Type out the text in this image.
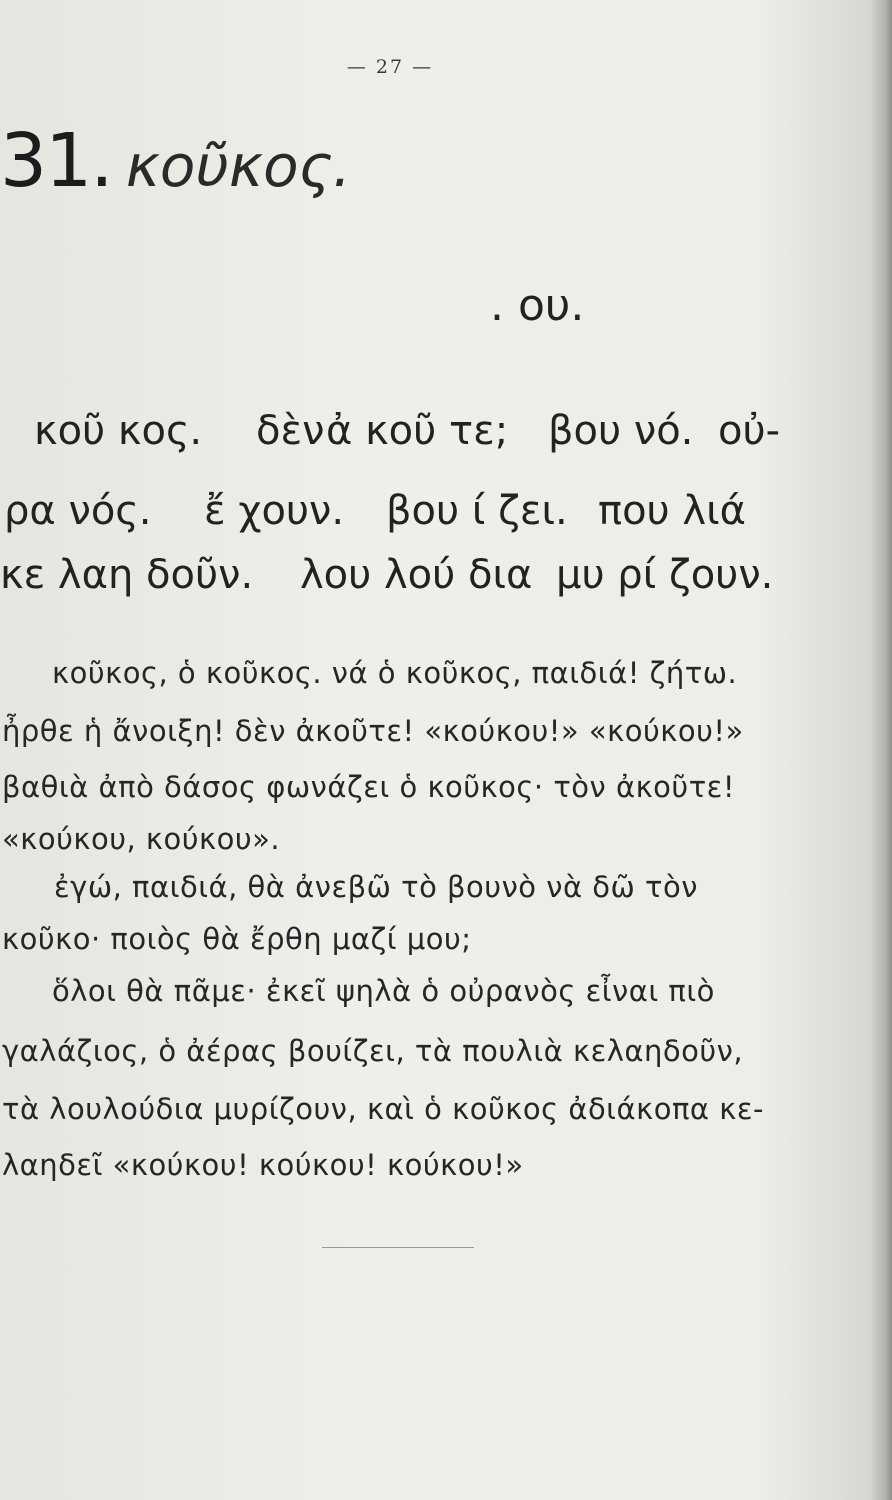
— 27 —
31. κοῦκος.
. ου.
κοῦ κος. δὲν ἀ κοῦ τε; βου νό. οὐ-
ρα νός. ἔ χουν. βου ί ζει. που λιά
κε λαη δοῦν. λου λού δια μυ ρί ζουν.
κοῦκος, ὁ κοῦκος. νά ὁ κοῦκος, παιδιά! ζήτω.
ἦρθε ἡ ἄνοιξη! δὲν ἀκοῦτε! «κούκου!» «κούκου!»
βαθιὰ ἀπὸ δάσος φωνάζει ὁ κοῦκος· τὸν ἀκοῦτε!
«κούκου, κούκου».
ἐγώ, παιδιά, θὰ ἀνεβῶ τὸ βουνὸ νὰ δῶ τὸν
κοῦκο· ποιὸς θὰ ἔρθη μαζί μου;
ὅλοι θὰ πᾶμε· ἐκεῖ ψηλὰ ὁ οὐρανὸς εἶναι πιὸ
γαλάζιος, ὁ ἀέρας βουίζει, τὰ πουλιὰ κελαηδοῦν,
τὰ λουλούδια μυρίζουν, καὶ ὁ κοῦκος ἀδιάκοπα κε-
λαηδεῖ «κούκου! κούκου! κούκου!»
